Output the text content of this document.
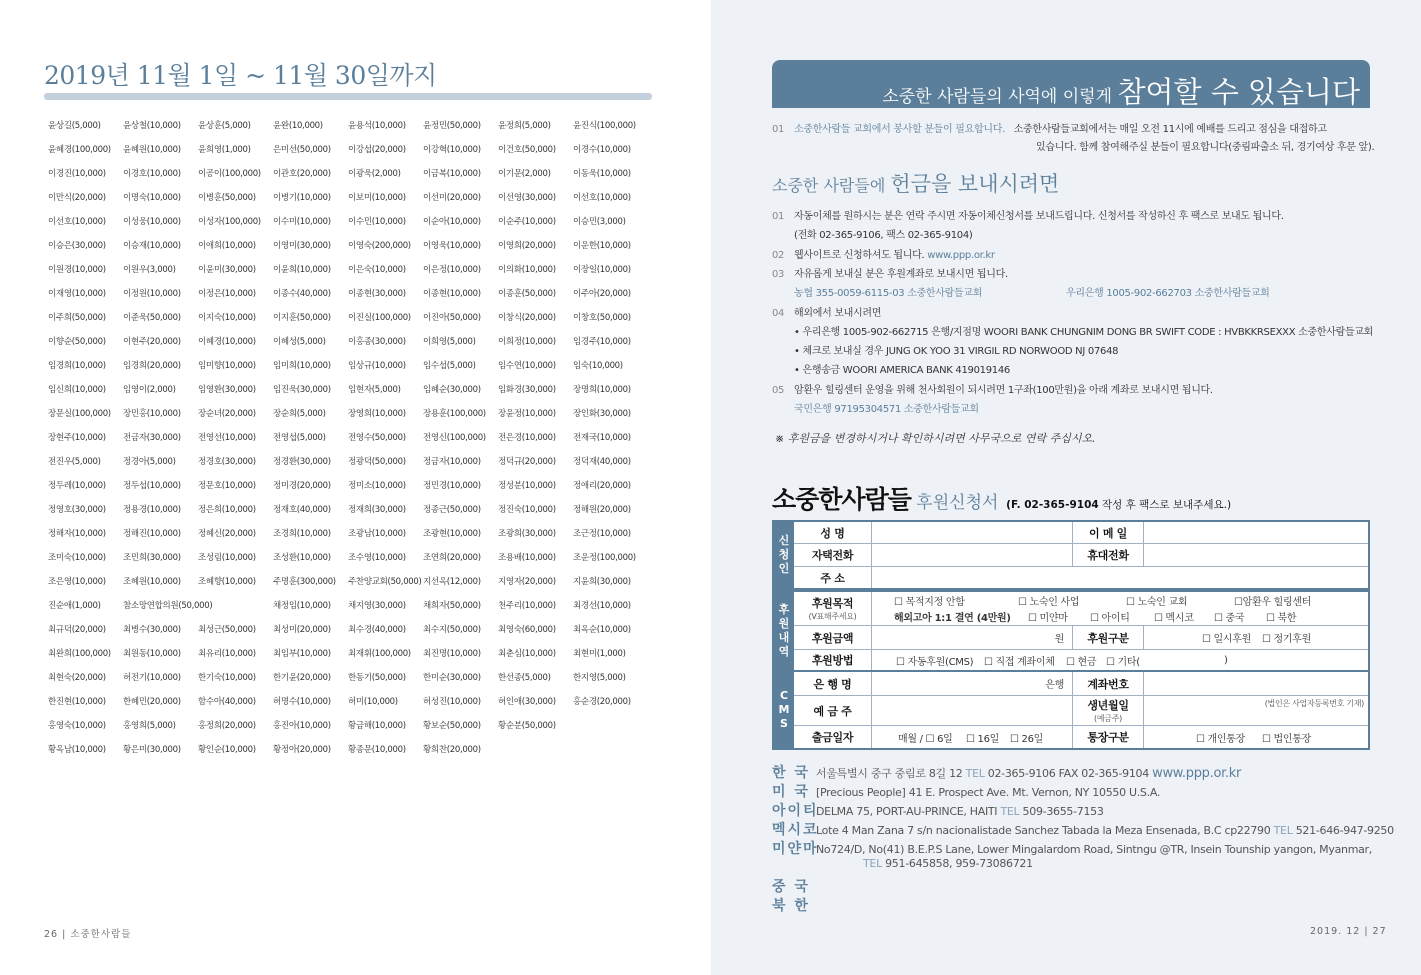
2019년 11월 1일 ~ 11월 30일까지
윤상길(5,000)	윤상철(10,000)	윤상훈(5,000)	윤완(10,000)	윤용석(10,000)	윤정민(50,000)	윤정희(5,000)	윤진식(100,000)
윤혜경(100,000)	윤혜원(10,000)	윤희영(1,000)	은미선(50,000)	이강섭(20,000)	이강혁(10,000)	이건호(50,000)	이경수(10,000)
이경진(10,000)	이경호(10,000)	이공이(100,000)	이관호(20,000)	이광욱(2,000)	이금복(10,000)	이기문(2,000)	이동욱(10,000)
이만식(20,000)	이명숙(10,000)	이병훈(50,000)	이병기(10,000)	이보미(10,000)	이선미(20,000)	이선영(30,000)	이선호(10,000)
이선호(10,000)	이성웅(10,000)	이성자(100,000)	이수미(10,000)	이수민(10,000)	이순아(10,000)	이순주(10,000)	이승민(3,000)
이승은(30,000)	이승재(10,000)	이애희(10,000)	이영미(30,000)	이영숙(200,000)	이영욱(10,000)	이영희(20,000)	이운한(10,000)
이원경(10,000)	이원우(3,000)	이윤미(30,000)	이윤희(10,000)	이은숙(10,000)	이은정(10,000)	이의화(10,000)	이장일(10,000)
이재영(10,000)	이정원(10,000)	이정은(10,000)	이종수(40,000)	이종현(30,000)	이종현(10,000)	이종훈(50,000)	이주아(20,000)
이주희(50,000)	이준욱(50,000)	이지숙(10,000)	이지훈(50,000)	이진실(100,000)	이진아(50,000)	이창식(20,000)	이창호(50,000)
이향순(50,000)	이현주(20,000)	이혜경(10,000)	이혜성(5,000)	이홍종(30,000)	이희영(5,000)	이희정(10,000)	임경주(10,000)
임경희(10,000)	임경희(20,000)	임미향(10,000)	임미희(10,000)	임상규(10,000)	임수섭(5,000)	임수연(10,000)	임숙(10,000)
임신희(10,000)	임영이(2,000)	임영환(30,000)	임진욱(30,000)	임현자(5,000)	임혜순(30,000)	임화경(30,000)	장명희(10,000)
장문실(100,000)	장민홍(10,000)	장순녀(20,000)	장순희(5,000)	장영희(10,000)	장용훈(100,000)	장윤정(10,000)	장인화(30,000)
장현주(10,000)	전금자(30,000)	전영선(10,000)	전영섭(5,000)	전영수(50,000)	전영신(100,000)	전은경(10,000)	전재국(10,000)
전진우(5,000)	정경아(5,000)	정경호(30,000)	정경환(30,000)	정광덕(50,000)	정금자(10,000)	정덕규(20,000)	정덕재(40,000)
정두레(10,000)	정두섭(10,000)	정문호(10,000)	정미경(20,000)	정미소(10,000)	정민경(10,000)	정성분(10,000)	정애리(20,000)
정영호(30,000)	정용경(10,000)	정은희(10,000)	정재호(40,000)	정재희(30,000)	정종근(50,000)	정진숙(10,000)	정해원(20,000)
정해자(10,000)	정해진(10,000)	정혜신(20,000)	조경희(10,000)	조광남(10,000)	조광현(10,000)	조광희(30,000)	조근정(10,000)
조미숙(10,000)	조민희(30,000)	조성림(10,000)	조성환(10,000)	조수영(10,000)	조연희(20,000)	조용배(10,000)	조운정(100,000)
조은영(10,000)	조혜원(10,000)	조혜향(10,000)	주명훈(300,000)	주찬양교회(50,000) 지선옥(12,000)	지영자(20,000)	지윤희(30,000)
진순애(1,000)	참소망연합의원(50,000)	채정임(10,000)	채지영(30,000)	채희자(50,000)	천주리(10,000)	최경선(10,000)
최규덕(20,000)	최병수(30,000)	최성근(50,000)	최성미(20,000)	최수경(40,000)	최수지(50,000)	최영숙(60,000)	최옥순(10,000)
최완희(100,000)	최원동(10,000)	최유리(10,000)	최임부(10,000)	최재휘(100,000)	최진명(10,000)	최춘심(10,000)	최현미(1,000)
최현숙(20,000)	허전기(10,000)	한기숙(10,000)	한기윤(20,000)	한동기(50,000)	한미순(30,000)	한선종(5,000)	한지영(5,000)
한진현(10,000)	한혜민(20,000)	함수아(40,000)	허명수(10,000)	허미(10,000)	허성진(10,000)	허인애(30,000)	홍순경(20,000)
홍영숙(10,000)	홍영희(5,000)	홍정희(20,000)	홍진아(10,000)	황금해(10,000)	황보순(50,000)	황순분(50,000)
황옥남(10,000)	황은미(30,000)	황인순(10,000)	황정아(20,000)	황종문(10,000)	황희찬(20,000)
26 | 소중한사람들
소중한 사람들의 사역에 이렇게 참여할 수 있습니다
01 소중한사람들 교회에서 봉사할 분들이 필요합니다. 소중한사람들교회에서는 매일 오전 11시에 예배를 드리고 점심을 대접하고
있습니다. 함께 참여해주실 분들이 필요합니다(중림파출소 뒤, 경기여상 후문 앞).
소중한 사람들에 헌금을 보내시려면
01 자동이체를 원하시는 분은 연락 주시면 자동이체신청서를 보내드립니다. 신청서를 작성하신 후 팩스로 보내도 됩니다.
(전화 02-365-9106, 팩스 02-365-9104)
02 웹사이트로 신청하셔도 됩니다. www.ppp.or.kr
03 자유롭게 보내실 분은 후원계좌로 보내시면 됩니다.
농협 355-0059-6115-03 소중한사람들교회	우리은행 1005-902-662703 소중한사람들교회
04 해외에서 보내시려면
• 우리은행 1005-902-662715 은행/지점명 WOORI BANK CHUNGNIM DONG BR SWIFT CODE : HVBKKRSEXXX 소중한사람들교회
• 체크로 보내실 경우 JUNG OK YOO 31 VIRGIL RD NORWOOD NJ 07648
• 은행송금 WOORI AMERICA BANK 419019146
05 암환우 힐링센터 운영을 위해 천사회원이 되시려면 1구좌(100만원)을 아래 계좌로 보내시면 됩니다.
국민은행 97195304571 소중한사람들교회
※ 후원금을 변경하시거나 확인하시려면 사무국으로 연락 주십시오.
소중한사람들 후원신청서 (F. 02-365-9104 작성 후 팩스로 보내주세요.)
신
청
인
성 명	이 메 일
자택전화	휴대전화
주 소
후
원
내
역
후원목적
(V표해주세요)
☐ 목적지정 안함	☐ 노숙인 사업	☐ 노숙인 교회	☐암환우 힐링센터
해외고아 1:1 결연 (4만원) ☐ 미얀마 ☐ 아이티 ☐ 멕시코 ☐ 중국 ☐ 북한
후원금액	원	후원구분	☐ 일시후원 ☐ 정기후원
후원방법	☐ 자동후원(CMS) ☐ 직접 계좌이체 ☐ 현금 ☐ 기타(	)
C
M
S
은 행 명	은행	계좌번호
예 금 주	생년월일
(예금주)
(법인은 사업자등록번호 기재)
출금일자	매월 / ☐ 6일 ☐ 16일 ☐ 26일	통장구분	☐ 개인통장 ☐ 법인통장
한 국 서울특별시 중구 중림로 8길 12 TEL 02-365-9106 FAX 02-365-9104 www.ppp.or.kr
미 국 [Precious People] 41 E. Prospect Ave. Mt. Vernon, NY 10550 U.S.A.
아이티DELMA 75, PORT-AU-PRINCE, HAITI TEL 509-3655-7153
멕시코Lote 4 Man Zana 7 s/n nacionalistade Sanchez Tabada la Meza Ensenada, B.C cp22790 TEL 521-646-947-9250
미얀마No724/D, No(41) B.E.P.S Lane, Lower Mingalardom Road, Sintngu @TR, Insein Tounship yangon, Myanmar,
TEL 951-645858, 959-73086721
중 국
북 한
2019. 12 | 27
